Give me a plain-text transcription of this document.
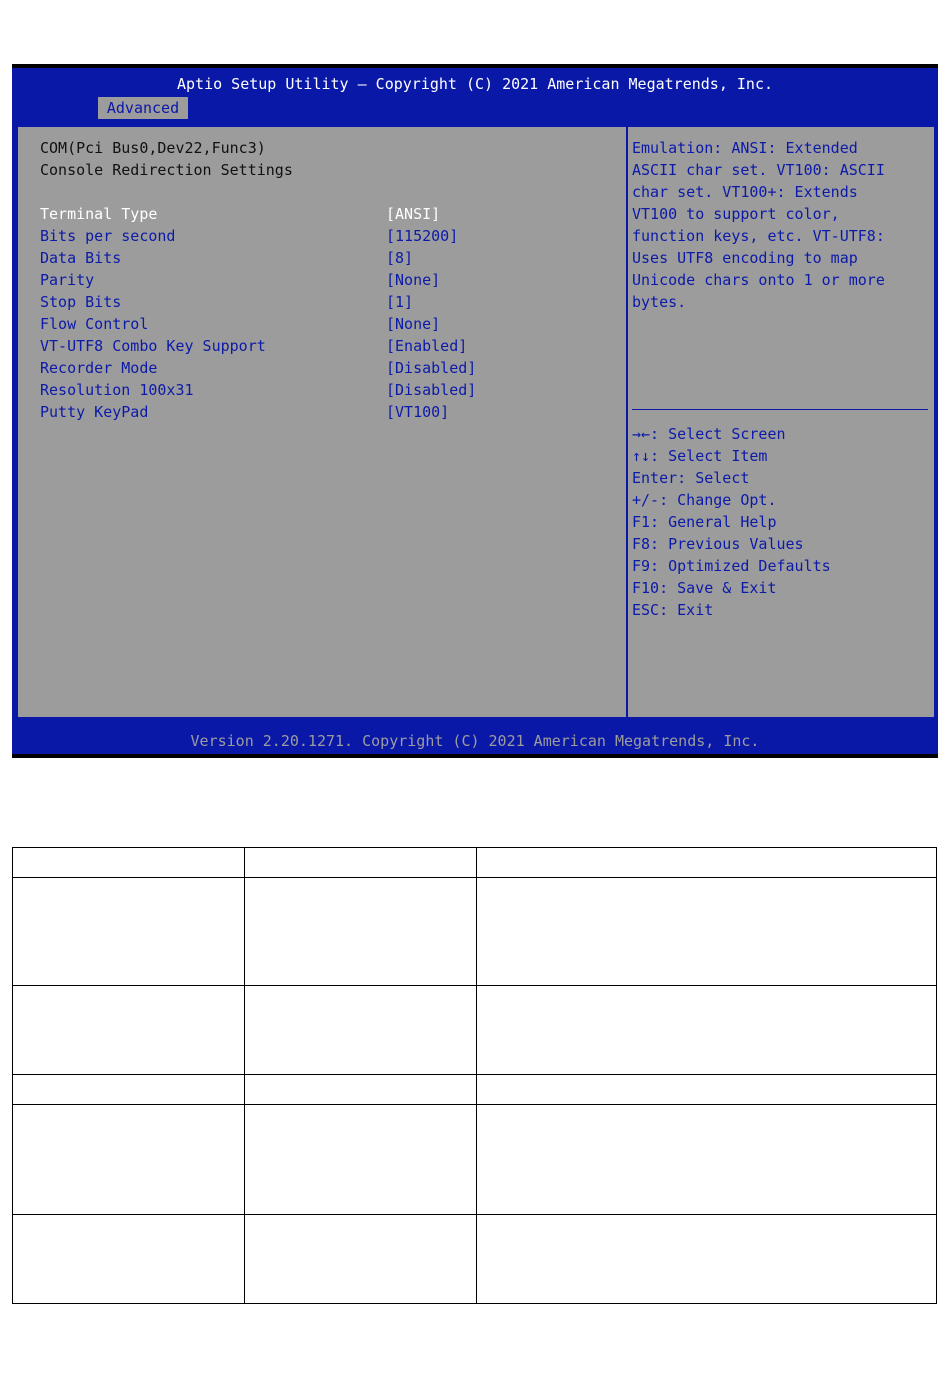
Aptio Setup Utility – Copyright (C) 2021 American Megatrends, Inc.
Advanced
COM(Pci Bus0,Dev22,Func3)
Console Redirection Settings
Terminal Type	[ANSI]
Bits per second	[115200]
Data Bits	[8]
Parity	[None]
Stop Bits	[1]
Flow Control	[None]
VT-UTF8 Combo Key Support	[Enabled]
Recorder Mode	[Disabled]
Resolution 100x31	[Disabled]
Putty KeyPad	[VT100]
Emulation: ANSI: Extended
ASCII char set. VT100: ASCII
char set. VT100+: Extends
VT100 to support color,
function keys, etc. VT-UTF8:
Uses UTF8 encoding to map
Unicode chars onto 1 or more
bytes.
→←: Select Screen
↑↓: Select Item
Enter: Select
+/-: Change Opt.
F1: General Help
F8: Previous Values
F9: Optimized Defaults
F10: Save & Exit
ESC: Exit
Version 2.20.1271. Copyright (C) 2021 American Megatrends, Inc.
